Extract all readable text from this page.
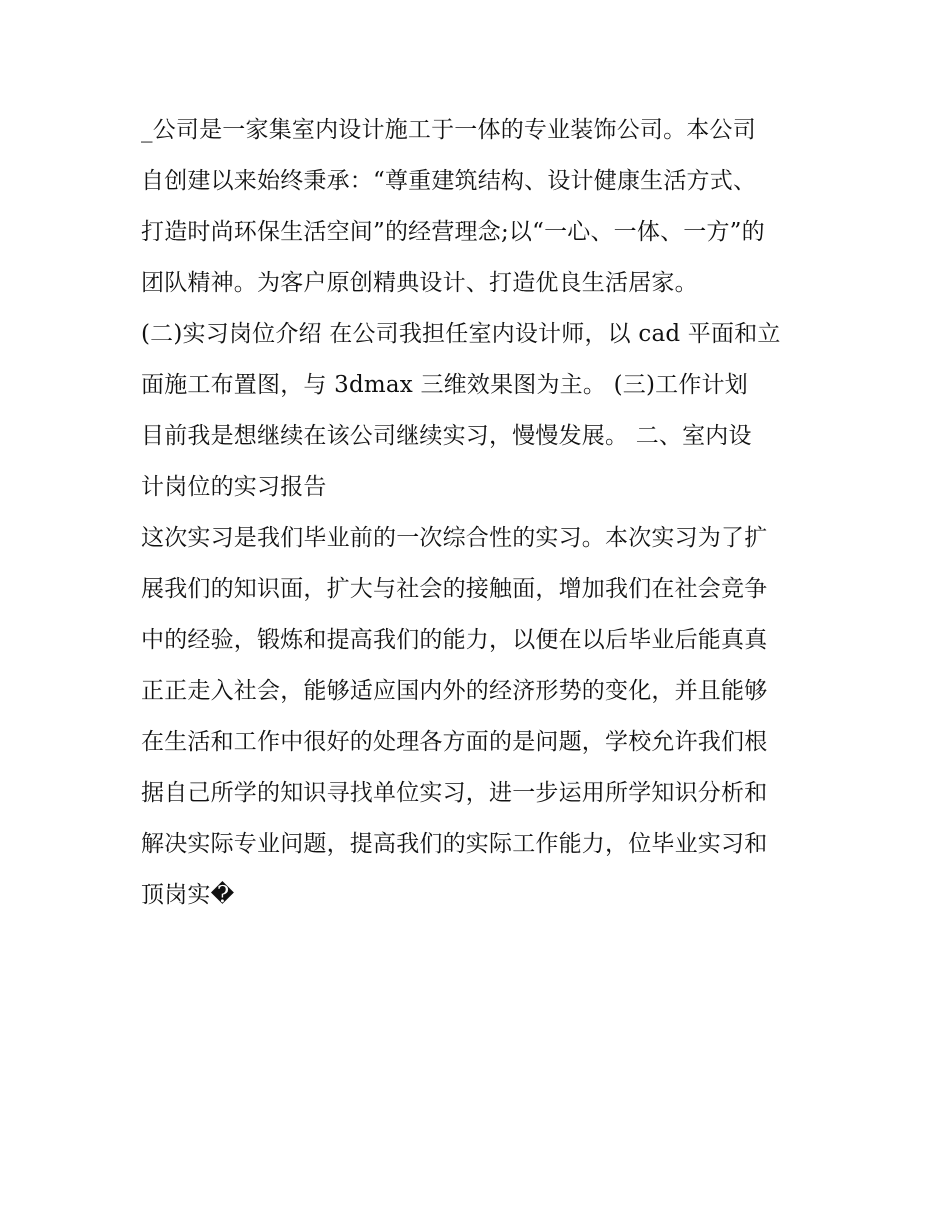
_公司是一家集室内设计施工于一体的专业装饰公司。本公司
自创建以来始终秉承：“尊重建筑结构、设计健康生活方式、
打造时尚环保生活空间”的经营理念;以“一心、一体、一方”的
团队精神。为客户原创精典设计、打造优良生活居家。
(二)实习岗位介绍 在公司我担任室内设计师，以 cad 平面和立
面施工布置图，与 3dmax 三维效果图为主。 (三)工作计划
目前我是想继续在该公司继续实习，慢慢发展。 二、室内设
计岗位的实习报告
这次实习是我们毕业前的一次综合性的实习。本次实习为了扩
展我们的知识面，扩大与社会的接触面，增加我们在社会竞争
中的经验，锻炼和提高我们的能力，以便在以后毕业后能真真
正正走入社会，能够适应国内外的经济形势的变化，并且能够
在生活和工作中很好的处理各方面的是问题，学校允许我们根
据自己所学的知识寻找单位实习，进一步运用所学知识分析和
解决实际专业问题，提高我们的实际工作能力，位毕业实习和
顶岗实�
